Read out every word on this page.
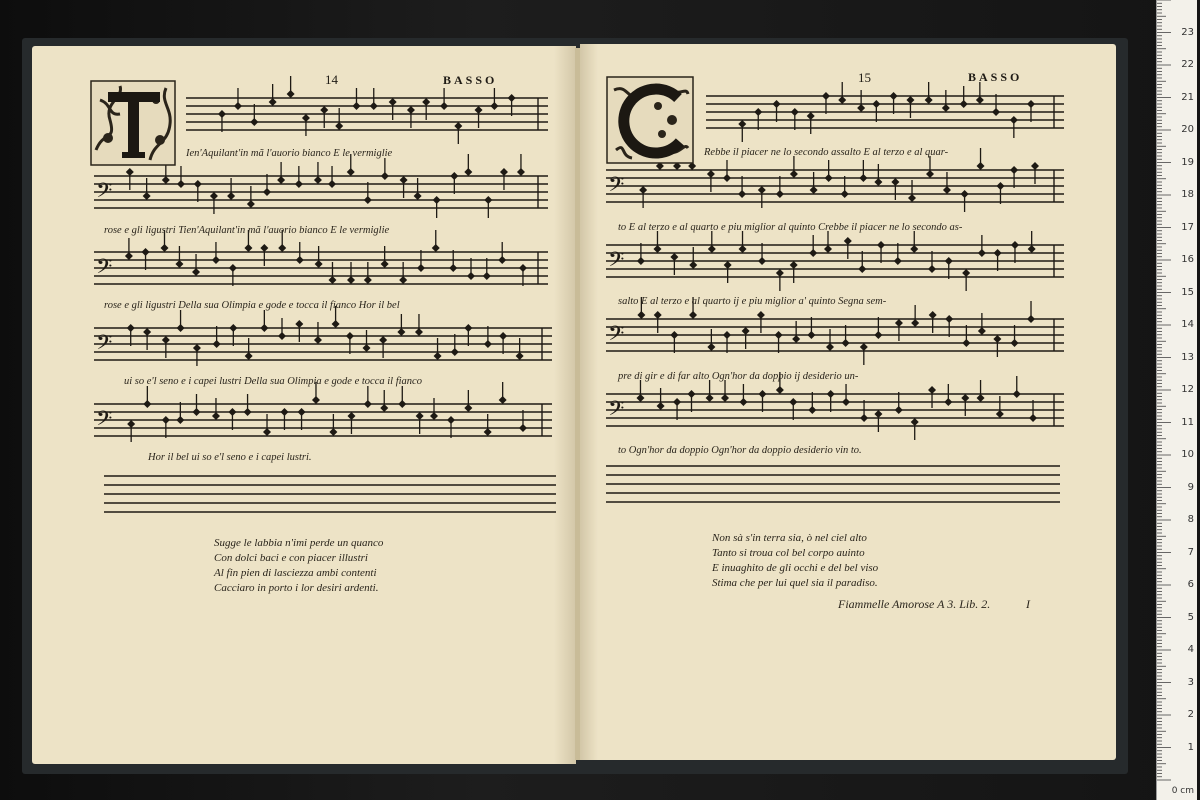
𝄢
𝄢
𝄢
𝄢
𝄢
𝄢
𝄢
𝄢
14	BASSO
Ien'Aquilant'in mã l'auorio bianco E le vermiglie
rose e gli ligustri Tien'Aquilant'in mã l'auorio bianco E le vermiglie
rose e gli ligustri Della sua Olimpia e gode e tocca il fianco Hor il bel
ui so e'l seno e i capei lustri Della sua Olimpia e gode e tocca il fianco
Hor il bel ui so e'l seno e i capei lustri.
Sugge le labbia n'imi perde un quanco
Con dolci baci e con piacer illustri
Al fin pien di lasciezza ambi contenti
Cacciaro in porto i lor desiri ardenti.
15	BASSO
Rebbe il piacer ne lo secondo assalto E al terzo e al quar-
to E al terzo e al quarto e piu miglior al quinto Crebbe il piacer ne lo secondo as-
salto E al terzo e al quarto ij e piu miglior a' quinto Segna sem-
pre di gir e di far alto Ogn'hor da doppio ij desiderio un-
to Ogn'hor da doppio Ogn'hor da doppio desiderio vin to.
Non sà s'in terra sia, ò nel ciel alto
Tanto si troua col bel corpo auinto
E inuaghito de gli occhi e del bel viso
Stima che per lui quel sia il paradiso.
Fiammelle Amorose A 3. Lib. 2.	I
23
22
21
20
19
18
17
16
15
14
13
12
11
10
9
8
7
6
5
4
3
2
1
0 cm
